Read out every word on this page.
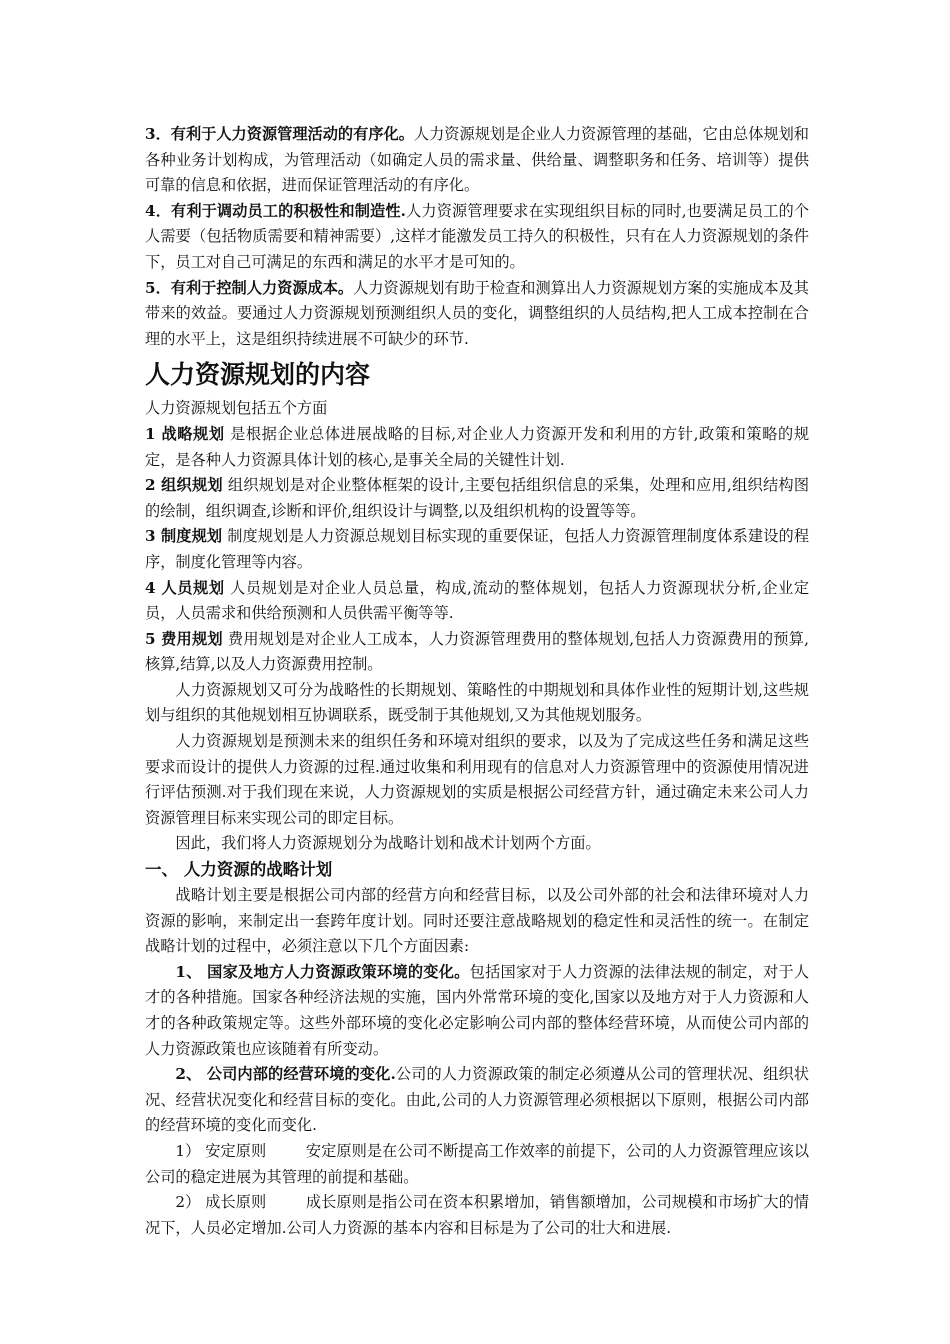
3．有利于人力资源管理活动的有序化。人力资源规划是企业人力资源管理的基础，它由总体规划和各种业务计划构成，为管理活动（如确定人员的需求量、供给量、调整职务和任务、培训等）提供可靠的信息和依据，进而保证管理活动的有序化。

4．有利于调动员工的积极性和制造性.人力资源管理要求在实现组织目标的同时,也要满足员工的个人需要（包括物质需要和精神需要）,这样才能激发员工持久的积极性，只有在人力资源规划的条件下，员工对自己可满足的东西和满足的水平才是可知的。

5．有利于控制人力资源成本。人力资源规划有助于检查和测算出人力资源规划方案的实施成本及其带来的效益。要通过人力资源规划预测组织人员的变化，调整组织的人员结构,把人工成本控制在合理的水平上，这是组织持续进展不可缺少的环节.

人力资源规划的内容

人力资源规划包括五个方面

1 战略规划 是根据企业总体进展战略的目标,对企业人力资源开发和利用的方针,政策和策略的规定，是各种人力资源具体计划的核心,是事关全局的关键性计划.

2 组织规划 组织规划是对企业整体框架的设计,主要包括组织信息的采集，处理和应用,组织结构图的绘制，组织调查,诊断和评价,组织设计与调整,以及组织机构的设置等等。

3 制度规划 制度规划是人力资源总规划目标实现的重要保证，包括人力资源管理制度体系建设的程序，制度化管理等内容。

4 人员规划 人员规划是对企业人员总量，构成,流动的整体规划，包括人力资源现状分析,企业定员，人员需求和供给预测和人员供需平衡等等.

5 费用规划 费用规划是对企业人工成本，人力资源管理费用的整体规划,包括人力资源费用的预算,核算,结算,以及人力资源费用控制。

人力资源规划又可分为战略性的长期规划、策略性的中期规划和具体作业性的短期计划,这些规划与组织的其他规划相互协调联系，既受制于其他规划,又为其他规划服务。

人力资源规划是预测未来的组织任务和环境对组织的要求，以及为了完成这些任务和满足这些要求而设计的提供人力资源的过程.通过收集和利用现有的信息对人力资源管理中的资源使用情况进行评估预测.对于我们现在来说，人力资源规划的实质是根据公司经营方针，通过确定未来公司人力资源管理目标来实现公司的即定目标。

因此，我们将人力资源规划分为战略计划和战术计划两个方面。

一、 人力资源的战略计划

战略计划主要是根据公司内部的经营方向和经营目标，以及公司外部的社会和法律环境对人力资源的影响，来制定出一套跨年度计划。同时还要注意战略规划的稳定性和灵活性的统一。在制定战略计划的过程中，必须注意以下几个方面因素:

1、 国家及地方人力资源政策环境的变化。包括国家对于人力资源的法律法规的制定，对于人才的各种措施。国家各种经济法规的实施，国内外常常环境的变化,国家以及地方对于人力资源和人才的各种政策规定等。这些外部环境的变化必定影响公司内部的整体经营环境，从而使公司内部的人力资源政策也应该随着有所变动。

2、 公司内部的经营环境的变化.公司的人力资源政策的制定必须遵从公司的管理状况、组织状况、经营状况变化和经营目标的变化。由此,公司的人力资源管理必须根据以下原则，根据公司内部的经营环境的变化而变化.

1） 安定原则	安定原则是在公司不断提高工作效率的前提下，公司的人力资源管理应该以公司的稳定进展为其管理的前提和基础。

2） 成长原则	成长原则是指公司在资本积累增加，销售额增加，公司规模和市场扩大的情况下，人员必定增加.公司人力资源的基本内容和目标是为了公司的壮大和进展.
